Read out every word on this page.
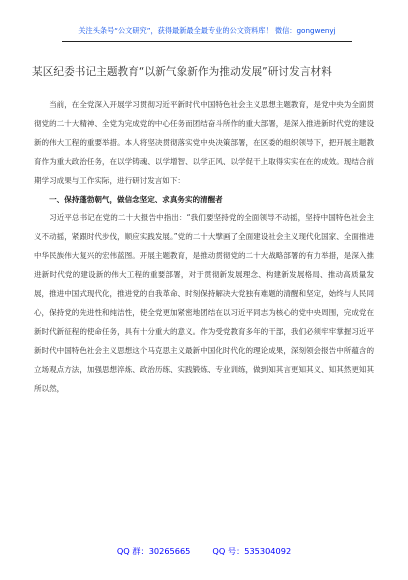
关注头条号“公文研究”，获得最新最全最专业的公文资料库！ 微信：gongwenyj
某区纪委书记主题教育“以新气象新作为推动发展”研讨发言材料

当前，在全党深入开展学习贯彻习近平新时代中国特色社会主义思想主题教育，是党中央为全面贯彻党的二十大精神、全党为完成党的中心任务而团结奋斗所作的重大部署，是深入推进新时代党的建设新的伟大工程的重要举措。本人将坚决贯彻落实党中央决策部署，在区委的组织领导下，把开展主题教育作为重大政治任务，在以学铸魂、以学增智、以学正风、以学促干上取得实实在在的成效。现结合前期学习成果与工作实际，进行研讨发言如下：

一、保持蓬勃朝气，做信念坚定、求真务实的清醒者

习近平总书记在党的二十大报告中指出：“我们要坚持党的全面领导不动摇，坚持中国特色社会主义不动摇，紧跟时代步伐，顺应实践发展。”党的二十大擘画了全面建设社会主义现代化国家、全面推进中华民族伟大复兴的宏伟蓝图。开展主题教育，是推动贯彻党的二十大战略部署的有力举措，是深入推进新时代党的建设新的伟大工程的重要部署，对于贯彻新发展理念、构建新发展格局、推动高质量发展，推进中国式现代化，推进党的自我革命、时刻保持解决大党独有难题的清醒和坚定，始终与人民同心，保持党的先进性和纯洁性，使全党更加紧密地团结在以习近平同志为核心的党中央周围，完成党在新时代新征程的使命任务，具有十分重大的意义。作为受党教育多年的干部，我们必须牢牢掌握习近平新时代中国特色社会主义思想这个马克思主义最新中国化时代化的理论成果，深刻领会报告中所蕴含的立场观点方法，加强思想淬炼、政治历练、实践锻炼、专业训练，做到知其言更知其义、知其然更知其所以然，

QQ 群：30265665	QQ 号：535304092
